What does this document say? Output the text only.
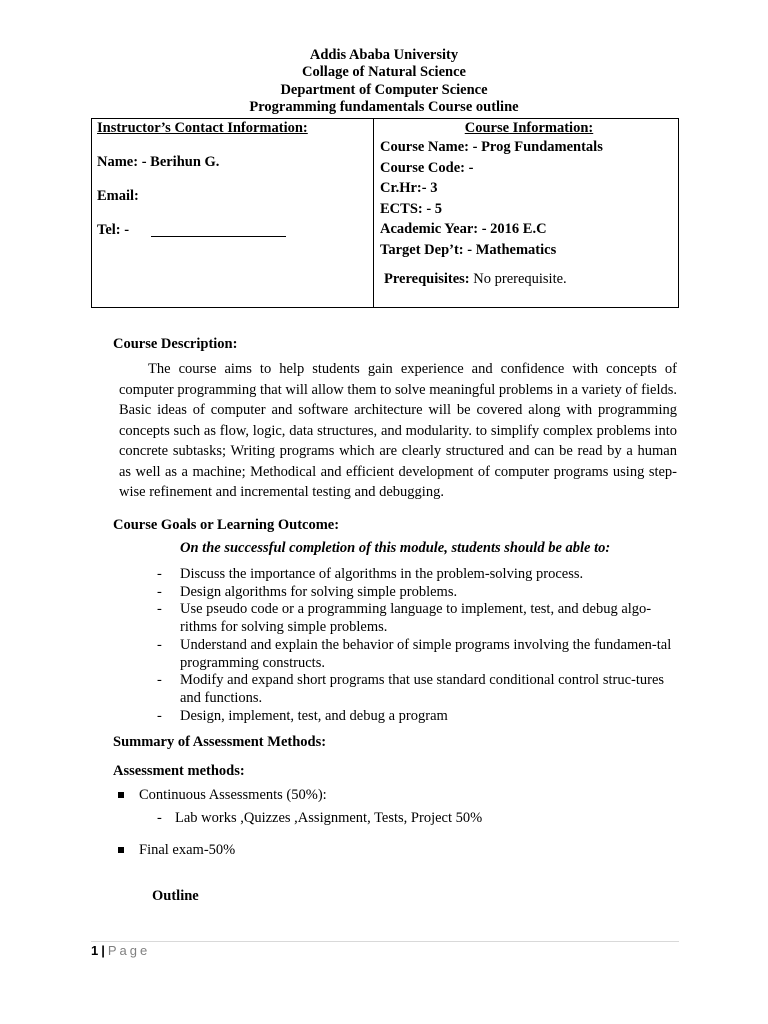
Addis Ababa University
Collage of Natural Science
Department of Computer Science
Programming fundamentals Course outline
Instructor’s Contact Information:
Name: - Berihun G.
Email:
Tel: -

Course Information:
Course Name: - Prog Fundamentals
Course Code: -
Cr.Hr:- 3
ECTS: - 5
Academic Year: - 2016 E.C
Target Dep’t: - Mathematics
Prerequisites: No prerequisite.
Course Description:

The course aims to help students gain experience and confidence with concepts of computer programming that will allow them to solve meaningful problems in a variety of fields. Basic ideas of computer and software architecture will be covered along with programming concepts such as flow, logic, data structures, and modularity. to simplify complex problems into concrete subtasks; Writing programs which are clearly structured and can be read by a human as well as a machine; Methodical and efficient development of computer programs using step-wise refinement and incremental testing and debugging.

Course Goals or Learning Outcome:
On the successful completion of this module, students should be able to:
- Discuss the importance of algorithms in the problem-solving process.
- Design algorithms for solving simple problems.
- Use pseudo code or a programming language to implement, test, and debug algo-rithms for solving simple problems.
- Understand and explain the behavior of simple programs involving the fundamen-tal programming constructs.
- Modify and expand short programs that use standard conditional control struc-tures and functions.
- Design, implement, test, and debug a program
Summary of Assessment Methods:
Assessment methods:
Continuous Assessments (50%):
- Lab works ,Quizzes ,Assignment, Tests, Project 50%
Final exam-50%
Outline
1 | Page
